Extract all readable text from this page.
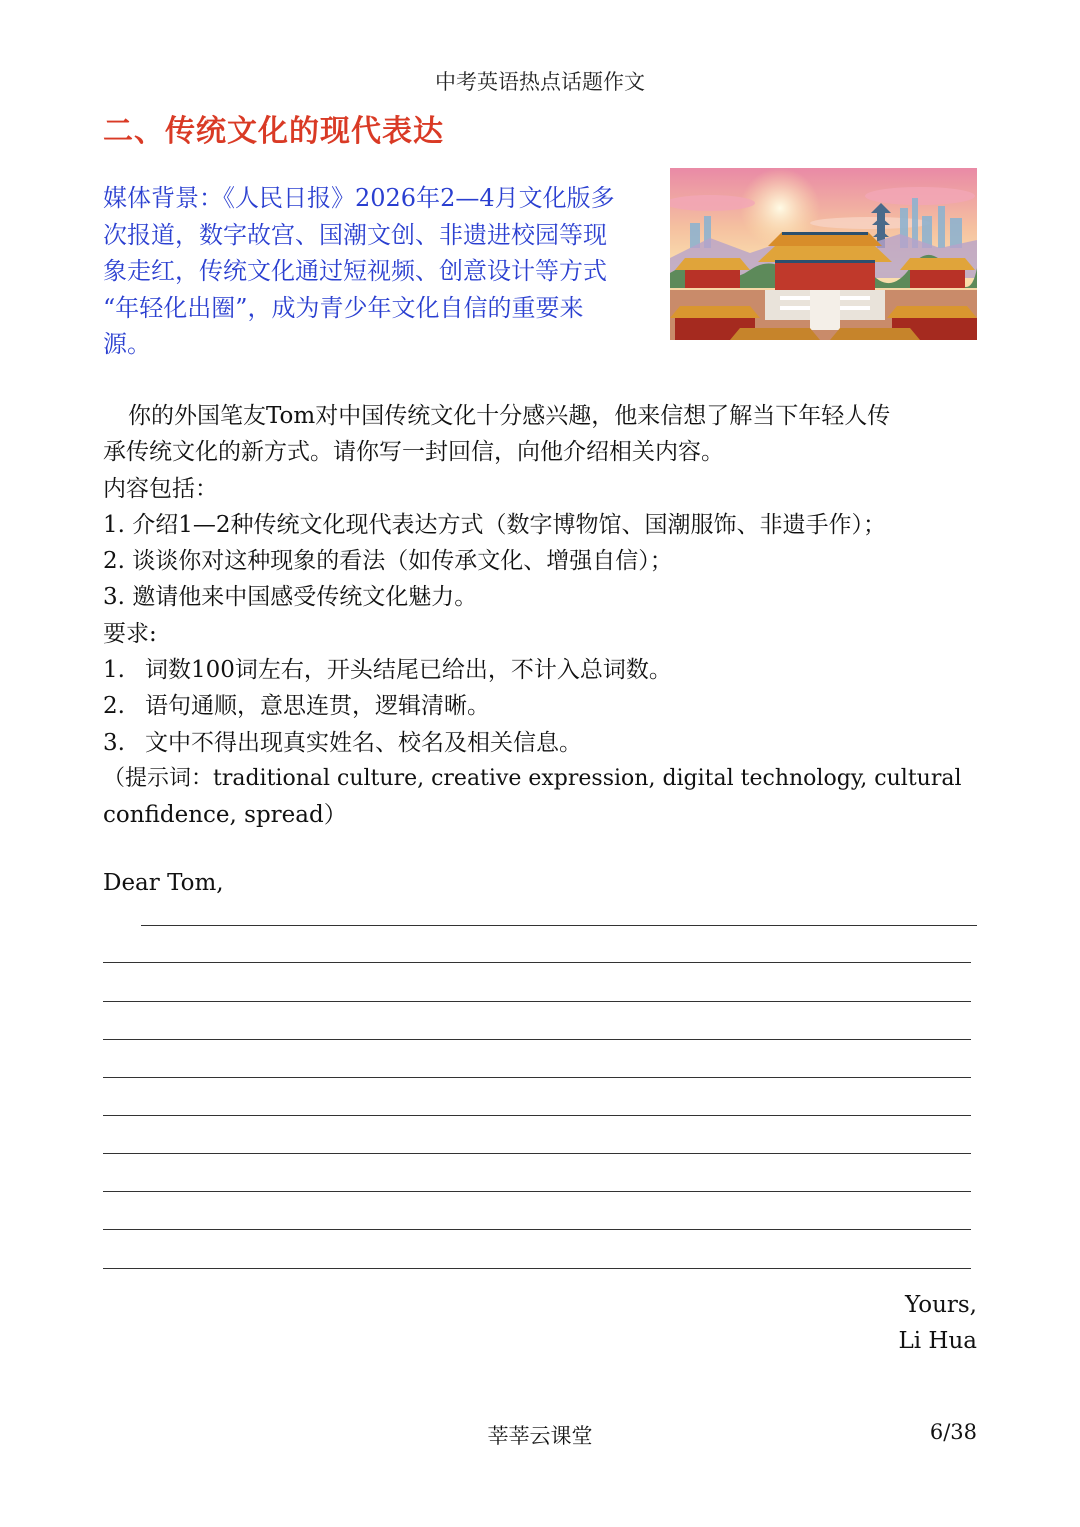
中考英语热点话题作文
二、传统文化的现代表达
媒体背景：《人民日报》2026年2—4月文化版多
次报道，数字故宫、国潮文创、非遗进校园等现
象走红，传统文化通过短视频、创意设计等方式
“年轻化出圈”，成为青少年文化自信的重要来
源。
你的外国笔友Tom对中国传统文化十分感兴趣，他来信想了解当下年轻人传
承传统文化的新方式。请你写一封回信，向他介绍相关内容。
内容包括：
1. 介绍1—2种传统文化现代表达方式（数字博物馆、国潮服饰、非遗手作）；
2. 谈谈你对这种现象的看法（如传承文化、增强自信）；
3. 邀请他来中国感受传统文化魅力。
要求:
1. 词数100词左右，开头结尾已给出，不计入总词数。
2. 语句通顺，意思连贯，逻辑清晰。
3. 文中不得出现真实姓名、校名及相关信息。
（提示词：traditional culture, creative expression, digital technology, cultural
confidence, spread）
Dear Tom,
Yours,
Li Hua
莘莘云课堂	6/38
